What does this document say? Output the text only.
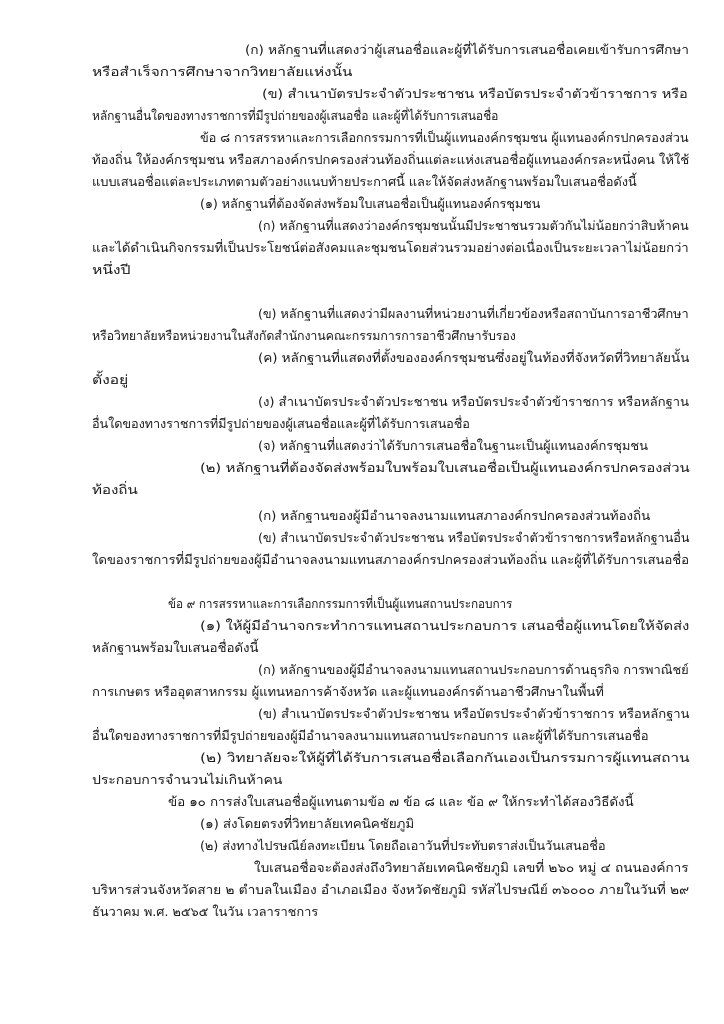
(ก) หลักฐานที่แสดงว่าผู้เสนอชื่อและผู้ที่ได้รับการเสนอชื่อเคยเข้ารับการศึกษา
หรือสำเร็จการศึกษาจากวิทยาลัยแห่งนั้น
(ข) สำเนาบัตรประจำตัวประชาชน หรือบัตรประจำตัวข้าราชการ หรือ
หลักฐานอื่นใดของทางราชการที่มีรูปถ่ายของผู้เสนอชื่อ และผู้ที่ได้รับการเสนอชื่อ
ข้อ ๘ การสรรหาและการเลือกกรรมการที่เป็นผู้แทนองค์กรชุมชน ผู้แทนองค์กรปกครองส่วน
ท้องถิ่น ให้องค์กรชุมชน หรือสภาองค์กรปกครองส่วนท้องถิ่นแต่ละแห่งเสนอชื่อผู้แทนองค์กรละหนึ่งคน ให้ใช้
แบบเสนอชื่อแต่ละประเภทตามตัวอย่างแนบท้ายประกาศนี้ และให้จัดส่งหลักฐานพร้อมใบเสนอชื่อดังนี้
(๑) หลักฐานที่ต้องจัดส่งพร้อมใบเสนอชื่อเป็นผู้แทนองค์กรชุมชน
(ก) หลักฐานที่แสดงว่าองค์กรชุมชนนั้นมีประชาชนรวมตัวกันไม่น้อยกว่าสิบห้าคน
และได้ดำเนินกิจกรรมที่เป็นประโยชน์ต่อสังคมและชุมชนโดยส่วนรวมอย่างต่อเนื่องเป็นระยะเวลาไม่น้อยกว่า
หนึ่งปี
(ข) หลักฐานที่แสดงว่ามีผลงานที่หน่วยงานที่เกี่ยวข้องหรือสถาบันการอาชีวศึกษา
หรือวิทยาลัยหรือหน่วยงานในสังกัดสำนักงานคณะกรรมการการอาชีวศึกษารับรอง
(ค) หลักฐานที่แสดงที่ตั้งขององค์กรชุมชนซึ่งอยู่ในท้องที่จังหวัดที่วิทยาลัยนั้น
ตั้งอยู่
(ง) สำเนาบัตรประจำตัวประชาชน หรือบัตรประจำตัวข้าราชการ หรือหลักฐาน
อื่นใดของทางราชการที่มีรูปถ่ายของผู้เสนอชื่อและผู้ที่ได้รับการเสนอชื่อ
(จ) หลักฐานที่แสดงว่าได้รับการเสนอชื่อในฐานะเป็นผู้แทนองค์กรชุมชน
(๒) หลักฐานที่ต้องจัดส่งพร้อมใบพร้อมใบเสนอชื่อเป็นผู้แทนองค์กรปกครองส่วน
ท้องถิ่น
(ก) หลักฐานของผู้มีอำนาจลงนามแทนสภาองค์กรปกครองส่วนท้องถิ่น
(ข) สำเนาบัตรประจำตัวประชาชน หรือบัตรประจำตัวข้าราชการหรือหลักฐานอื่น
ใดของราชการที่มีรูปถ่ายของผู้มีอำนาจลงนามแทนสภาองค์กรปกครองส่วนท้องถิ่น และผู้ที่ได้รับการเสนอชื่อ
ข้อ ๙ การสรรหาและการเลือกกรรมการที่เป็นผู้แทนสถานประกอบการ
(๑) ให้ผู้มีอำนาจกระทำการแทนสถานประกอบการ เสนอชื่อผู้แทนโดยให้จัดส่ง
หลักฐานพร้อมใบเสนอชื่อดังนี้
(ก) หลักฐานของผู้มีอำนาจลงนามแทนสถานประกอบการด้านธุรกิจ การพาณิชย์
การเกษตร หรืออุตสาหกรรม ผู้แทนหอการค้าจังหวัด และผู้แทนองค์กรด้านอาชีวศึกษาในพื้นที่
(ข) สำเนาบัตรประจำตัวประชาชน หรือบัตรประจำตัวข้าราชการ หรือหลักฐาน
อื่นใดของทางราชการที่มีรูปถ่ายของผู้มีอำนาจลงนามแทนสถานประกอบการ และผู้ที่ได้รับการเสนอชื่อ
(๒) วิทยาลัยจะให้ผู้ที่ได้รับการเสนอชื่อเลือกกันเองเป็นกรรมการผู้แทนสถาน
ประกอบการจำนวนไม่เกินห้าคน
ข้อ ๑๐ การส่งใบเสนอชื่อผู้แทนตามข้อ ๗ ข้อ ๘ และ ข้อ ๙ ให้กระทำได้สองวิธีดังนี้
(๑) ส่งโดยตรงที่วิทยาลัยเทคนิคชัยภูมิ
(๒) ส่งทางไปรษณีย์ลงทะเบียน โดยถือเอาวันที่ประทับตราส่งเป็นวันเสนอชื่อ
ใบเสนอชื่อจะต้องส่งถึงวิทยาลัยเทคนิคชัยภูมิ เลขที่ ๒๖๐ หมู่ ๔ ถนนองค์การ
บริหารส่วนจังหวัดสาย ๒ ตำบลในเมือง อำเภอเมือง จังหวัดชัยภูมิ รหัสไปรษณีย์ ๓๖๐๐๐ ภายในวันที่ ๒๙
ธันวาคม พ.ศ. ๒๕๖๕ ในวัน เวลาราชการ
